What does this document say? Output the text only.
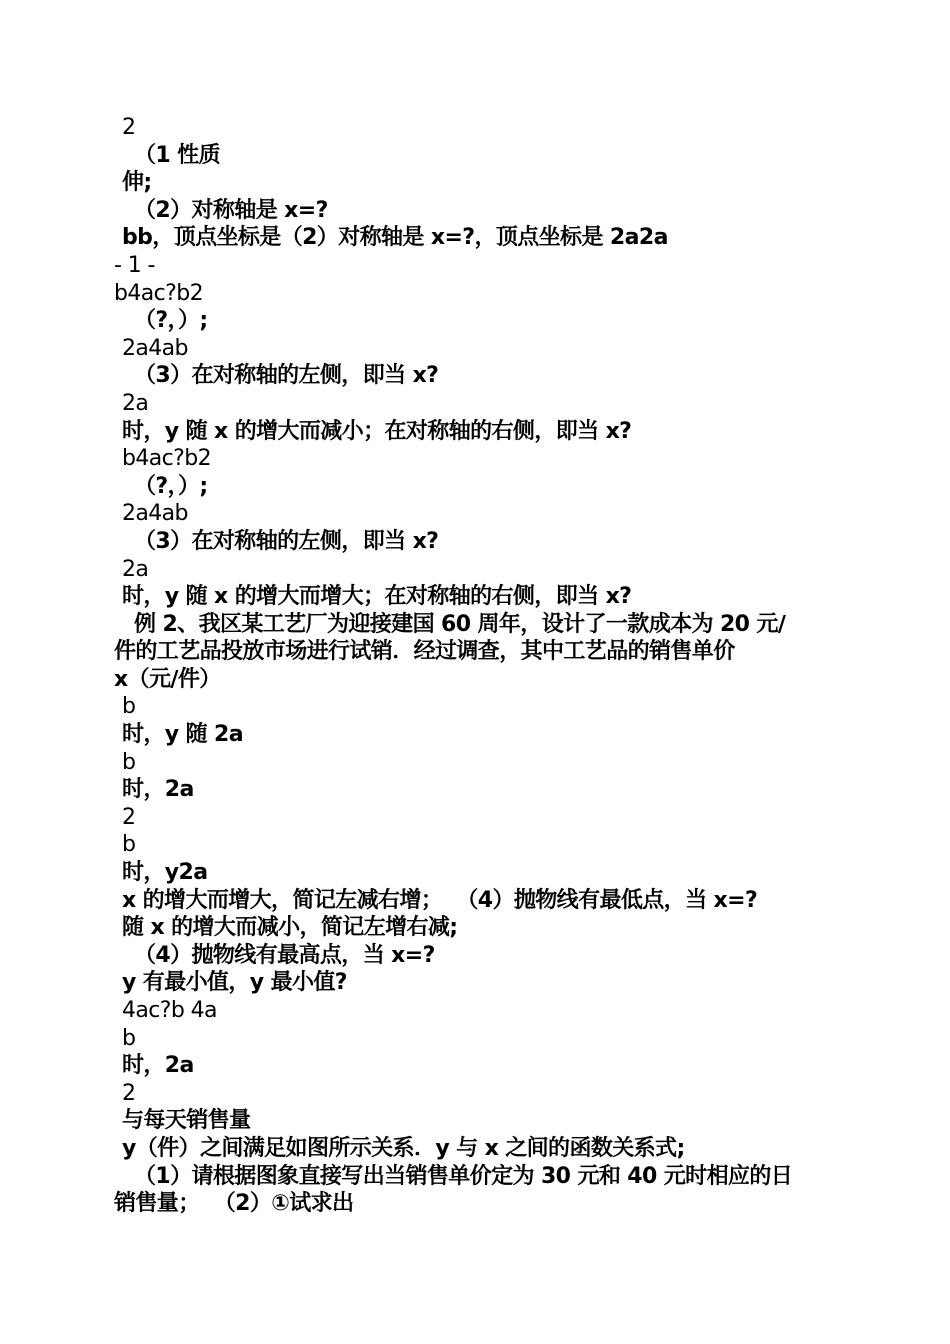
2
（1 性质
伸;
（2）对称轴是 x=?
bb，顶点坐标是（2）对称轴是 x=?，顶点坐标是 2a2a
- 1 -
b4ac?b2
（?，）;
2a4ab
（3）在对称轴的左侧，即当 x?
2a
时，y 随 x 的增大而减小；在对称轴的右侧，即当 x?
b4ac?b2
（?，）;
2a4ab
（3）在对称轴的左侧，即当 x?
2a
时，y 随 x 的增大而增大；在对称轴的右侧，即当 x?
例 2、我区某工艺厂为迎接建国 60 周年，设计了一款成本为 20 元∕
件的工艺品投放市场进行试销．经过调查，其中工艺品的销售单价
x（元∕件）
b
时，y 随 2a
b
时，2a
2
b
时，y2a
x 的增大而增大，简记左减右增；  （4）抛物线有最低点，当 x=?
随 x 的增大而减小，简记左增右减;
（4）抛物线有最高点，当 x=?
y 有最小值，y 最小值?
4ac?b 4a
b
时，2a
2
与每天销售量
y（件）之间满足如图所示关系．y 与 x 之间的函数关系式;
（1）请根据图象直接写出当销售单价定为 30 元和 40 元时相应的日
销售量；  （2）①试求出
